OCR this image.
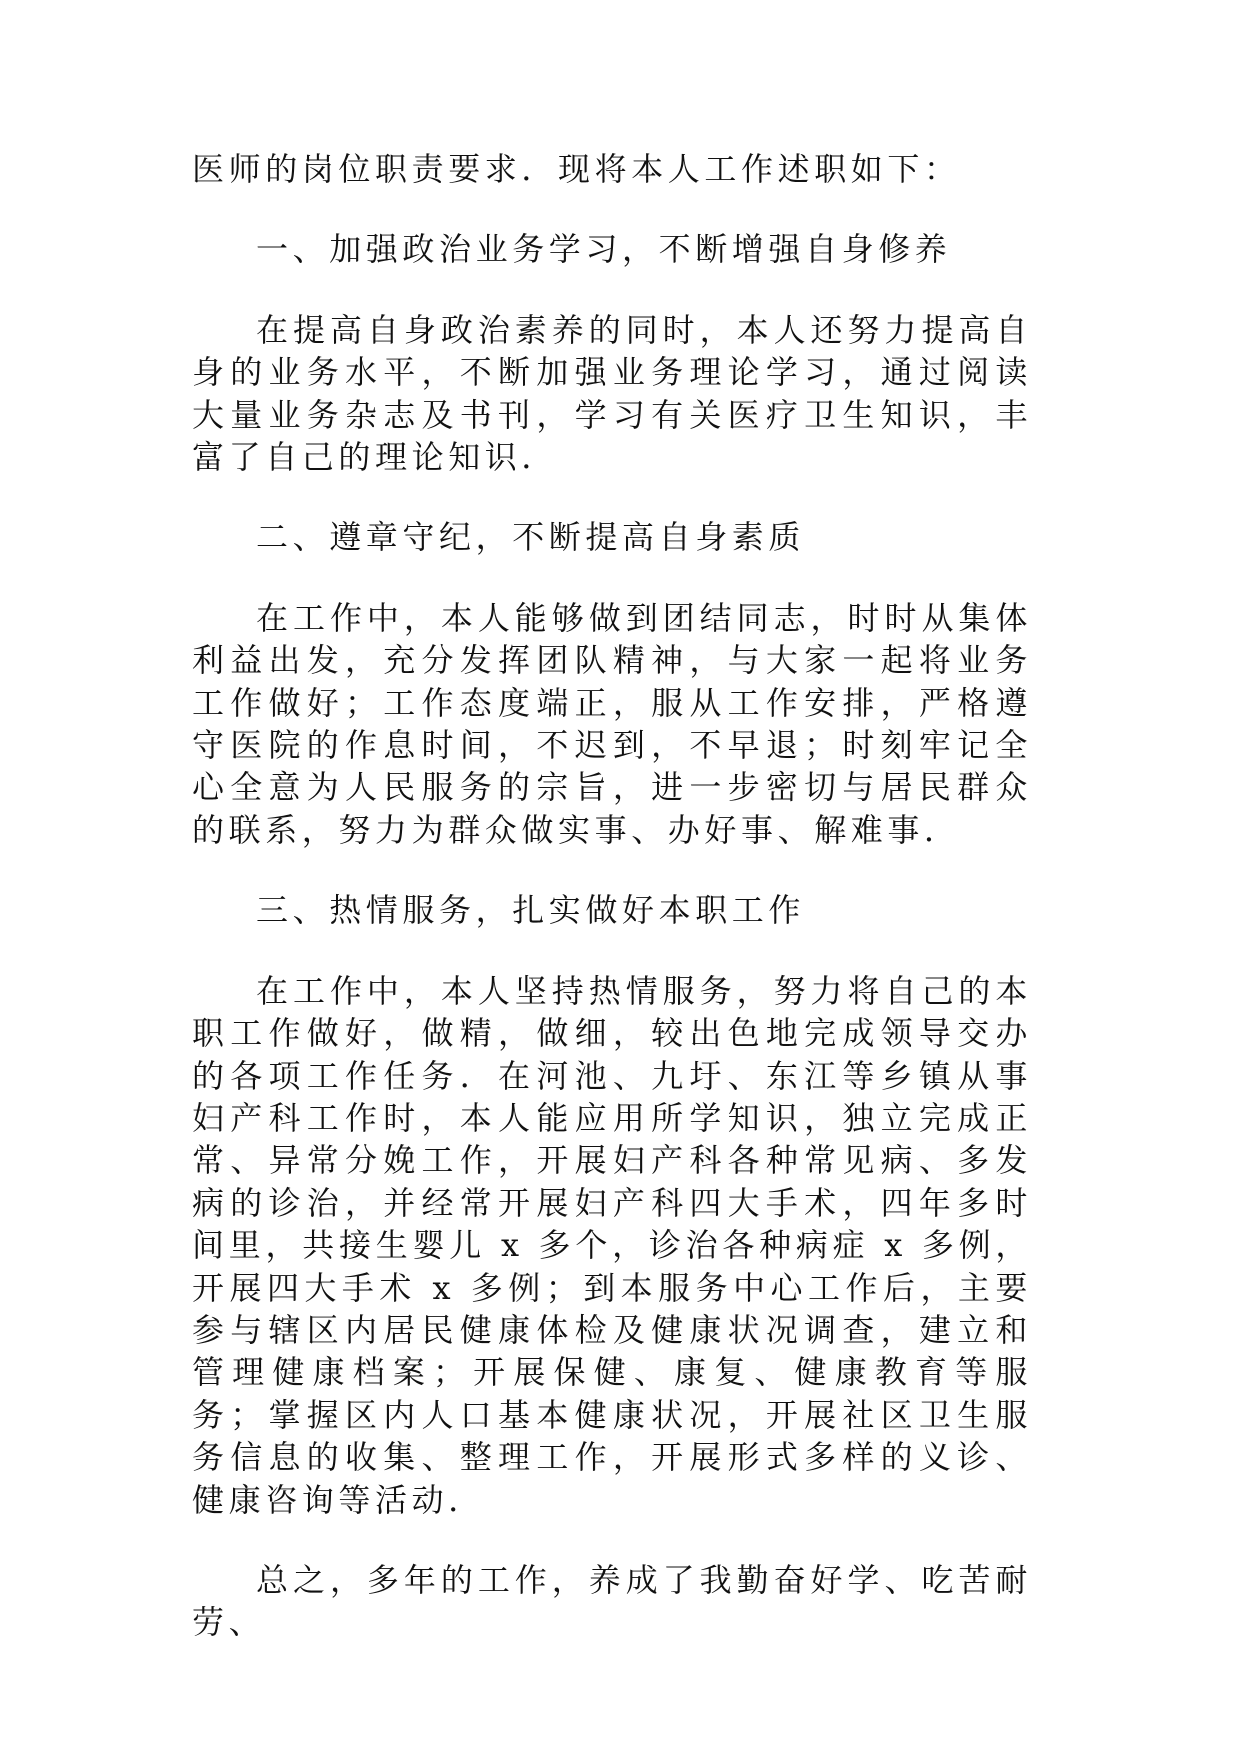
医师的岗位职责要求．现将本人工作述职如下：

一、加强政治业务学习，不断增强自身修养

在提高自身政治素养的同时，本人还努力提高自身的业务水平，不断加强业务理论学习，通过阅读大量业务杂志及书刊，学习有关医疗卫生知识，丰富了自己的理论知识．

二、遵章守纪，不断提高自身素质

在工作中，本人能够做到团结同志，时时从集体利益出发，充分发挥团队精神，与大家一起将业务工作做好；工作态度端正，服从工作安排，严格遵守医院的作息时间，不迟到，不早退；时刻牢记全心全意为人民服务的宗旨，进一步密切与居民群众的联系，努力为群众做实事、办好事、解难事．

三、热情服务，扎实做好本职工作

在工作中，本人坚持热情服务，努力将自己的本职工作做好，做精，做细，较出色地完成领导交办的各项工作任务．在河池、九圩、东江等乡镇从事妇产科工作时，本人能应用所学知识，独立完成正常、异常分娩工作，开展妇产科各种常见病、多发病的诊治，并经常开展妇产科四大手术，四年多时间里，共接生婴儿 x 多个，诊治各种病症 x 多例，开展四大手术 x 多例；到本服务中心工作后，主要参与辖区内居民健康体检及健康状况调查，建立和管理健康档案；开展保健、康复、健康教育等服务；掌握区内人口基本健康状况，开展社区卫生服务信息的收集、整理工作，开展形式多样的义诊、健康咨询等活动．

总之，多年的工作，养成了我勤奋好学、吃苦耐劳、
